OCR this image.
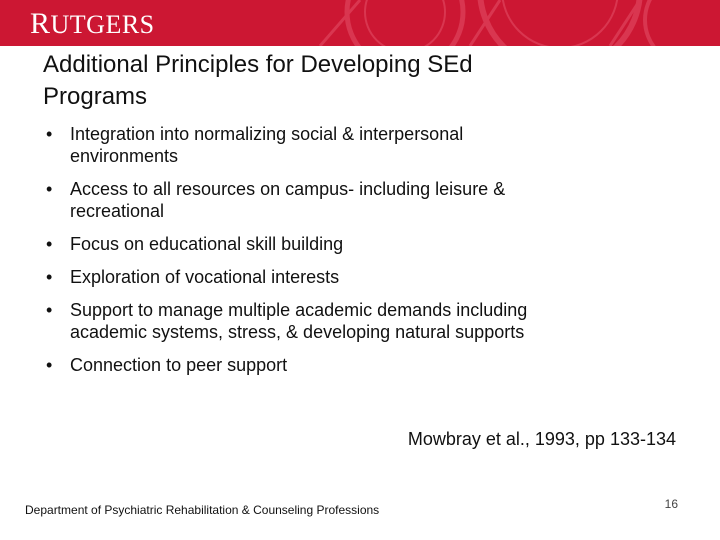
RUTGERS
Additional Principles for Developing SEd
Programs
• Integration into normalizing social & interpersonal
environments
• Access to all resources on campus- including leisure &
recreational
• Focus on educational skill building
• Exploration of vocational interests
• Support to manage multiple academic demands including
academic systems, stress, & developing natural supports
• Connection to peer support
Mowbray et al., 1993, pp 133-134
Department of Psychiatric Rehabilitation & Counseling Professions	16
